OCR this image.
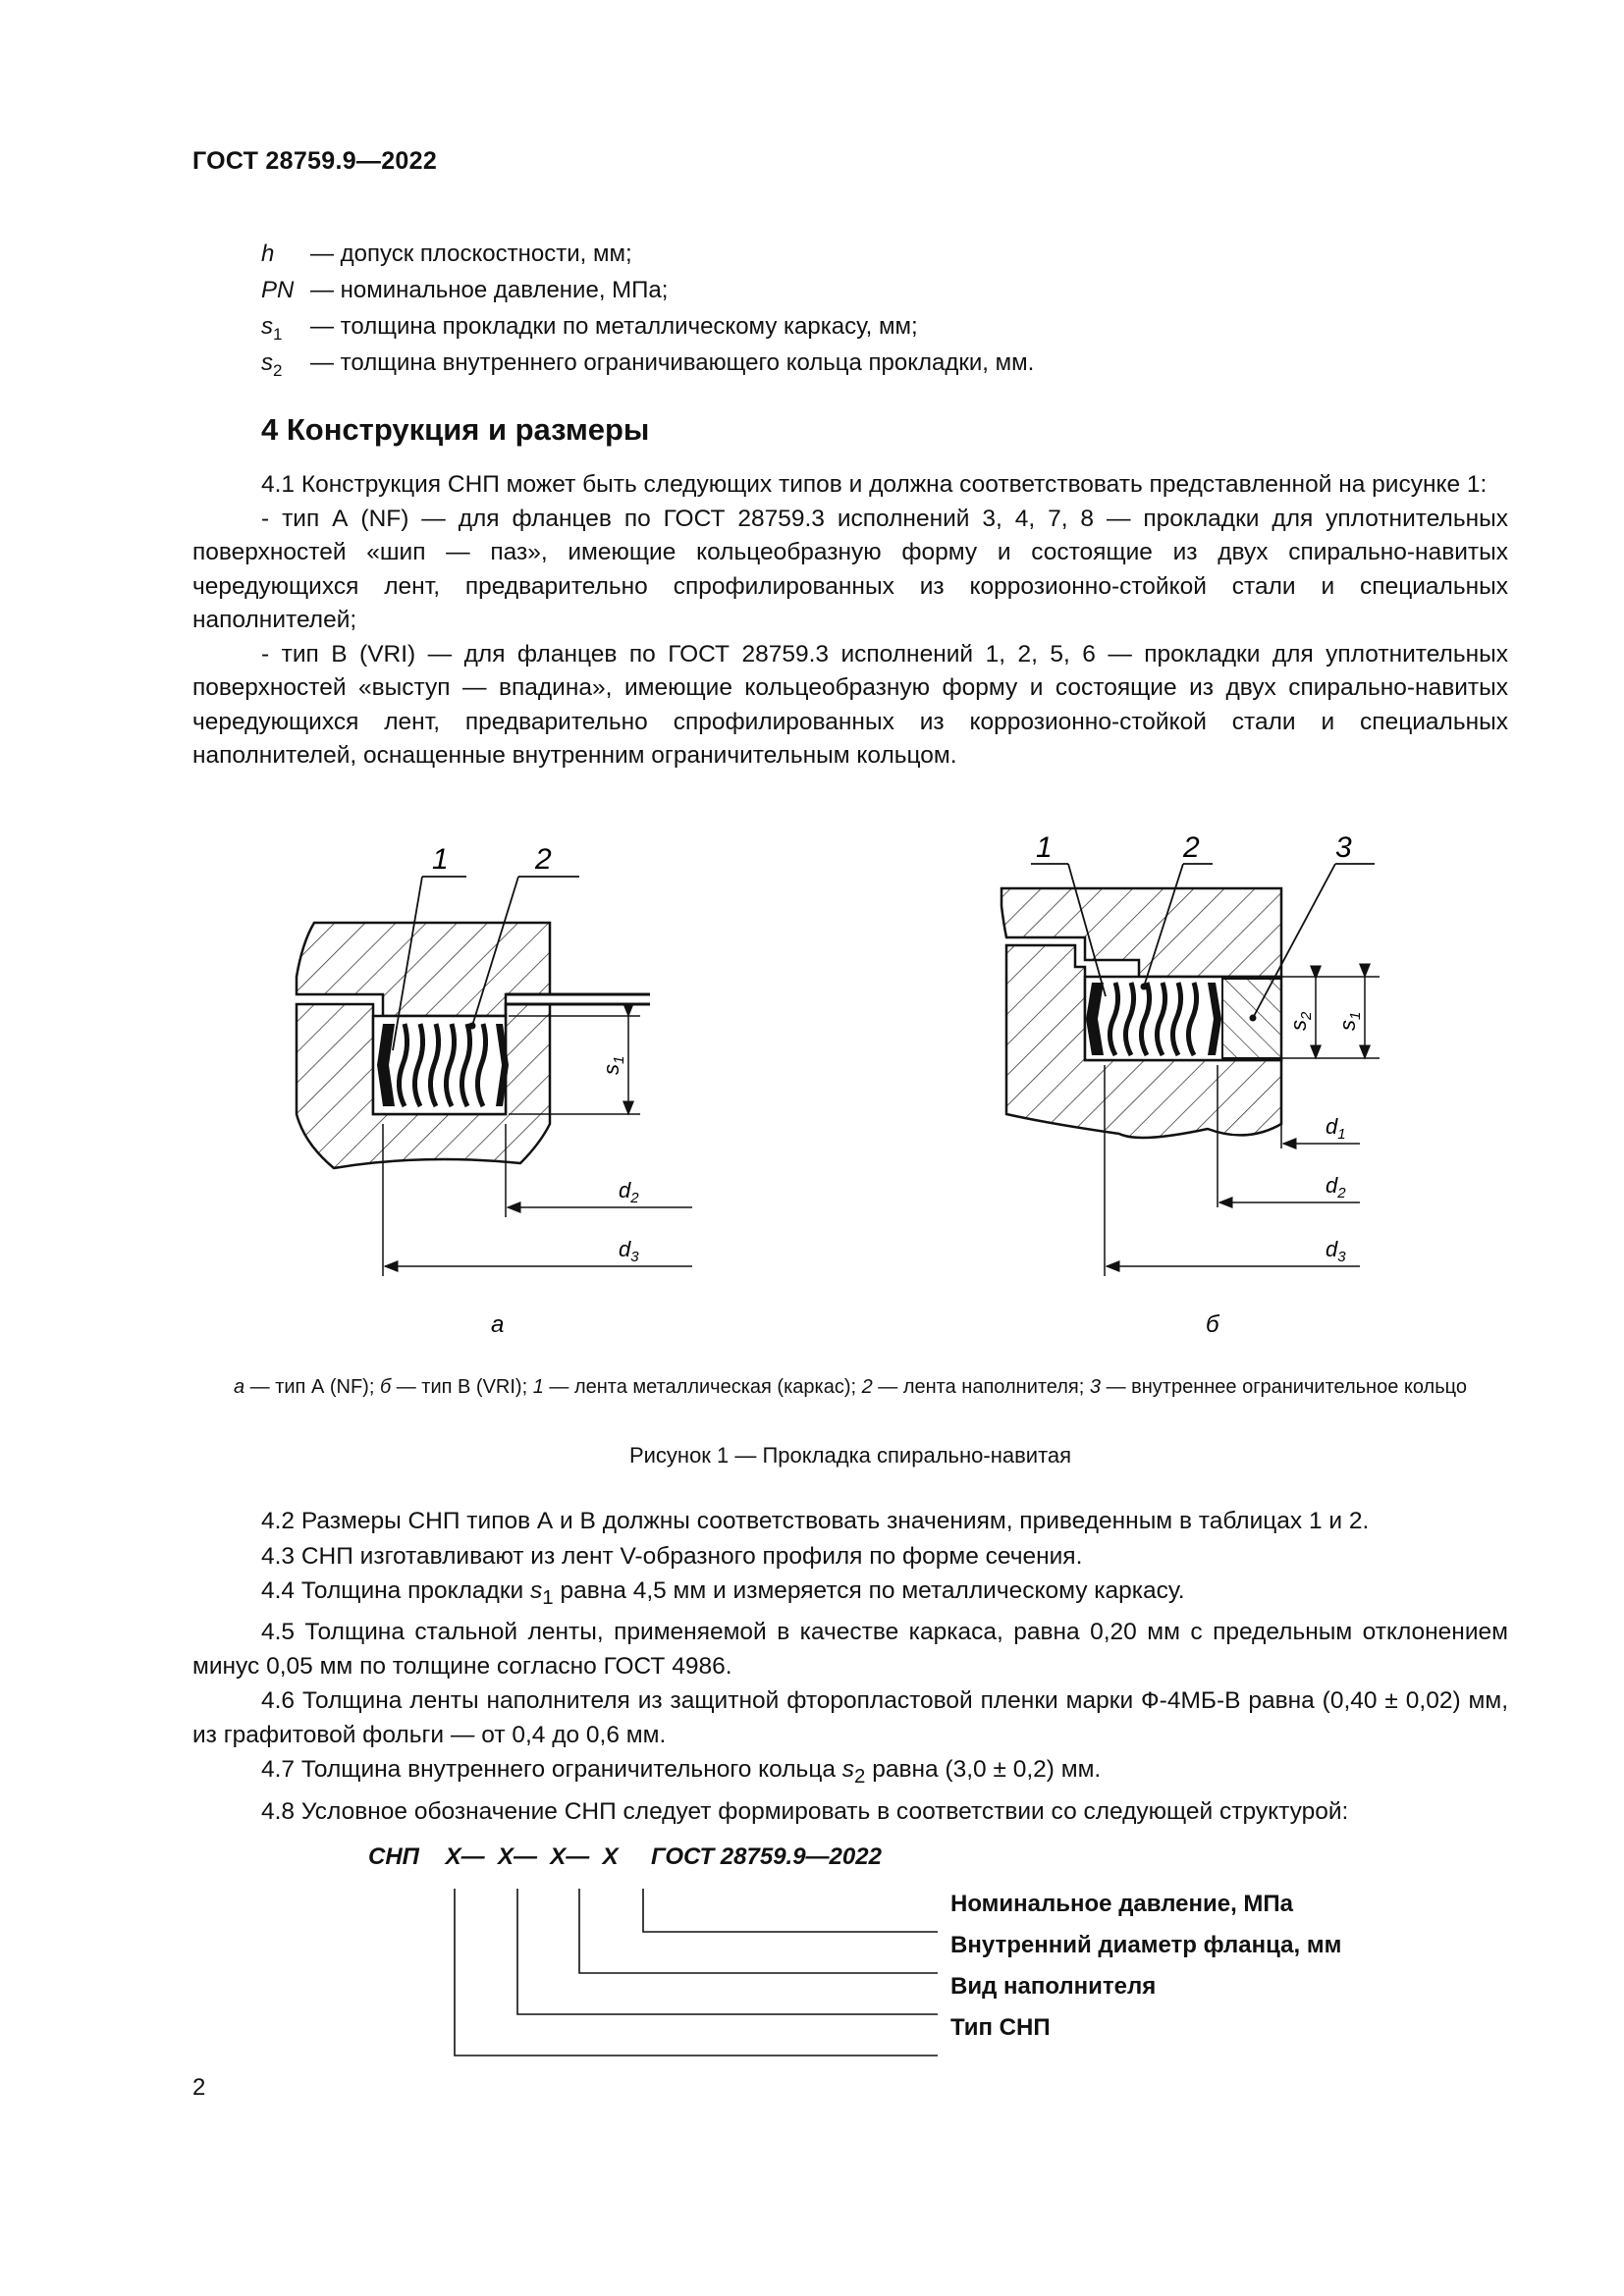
ГОСТ 28759.9—2022
h — допуск плоскостности, мм;
PN — номинальное давление, МПа;
$s_1$ — толщина прокладки по металлическому каркасу, мм;
$s_2$ — толщина внутреннего ограничивающего кольца прокладки, мм.
4 Конструкция и размеры

4.1 Конструкция СНП может быть следующих типов и должна соответствовать представленной на рисунке 1:

- тип А (NF) — для фланцев по ГОСТ 28759.3 исполнений 3, 4, 7, 8 — прокладки для уплотнительных поверхностей «шип — паз», имеющие кольцеобразную форму и состоящие из двух спирально-навитых чередующихся лент, предварительно спрофилированных из коррозионно-стойкой стали и специальных наполнителей;

- тип В (VRI) — для фланцев по ГОСТ 28759.3 исполнений 1, 2, 5, 6 — прокладки для уплотнительных поверхностей «выступ — впадина», имеющие кольцеобразную форму и состоящие из двух спирально-навитых чередующихся лент, предварительно спрофилированных из коррозионно-стойкой стали и специальных наполнителей, оснащенные внутренним ограничительным кольцом.

1	2
$s_1$
$d_2$
$d_3$
а
1	2	3
$s_2$
$s_1$
$d_1$
$d_2$
$d_3$
б
а — тип А (NF); б — тип В (VRI); 1 — лента металлическая (каркас); 2 — лента наполнителя; 3 — внутреннее ограничительное кольцо
Рисунок 1 — Прокладка спирально-навитая

4.2 Размеры СНП типов А и В должны соответствовать значениям, приведенным в таблицах 1 и 2.

4.3 СНП изготавливают из лент V-образного профиля по форме сечения.

4.4 Толщина прокладки $s_1$ равна 4,5 мм и измеряется по металлическому каркасу.

4.5 Толщина стальной ленты, применяемой в качестве каркаса, равна 0,20 мм с предельным отклонением минус 0,05 мм по толщине согласно ГОСТ 4986.

4.6 Толщина ленты наполнителя из защитной фторопластовой пленки марки Ф-4МБ-В равна (0,40 ± 0,02) мм, из графитовой фольги — от 0,4 до 0,6 мм.

4.7 Толщина внутреннего ограничительного кольца $s_2$ равна (3,0 ± 0,2) мм.

4.8 Условное обозначение СНП следует формировать в соответствии со следующей структурой:

СНП    Х—  Х—  Х—  Х     ГОСТ 28759.9—2022
Номинальное давление, МПа
Внутренний диаметр фланца, мм
Вид наполнителя
Тип СНП
2
